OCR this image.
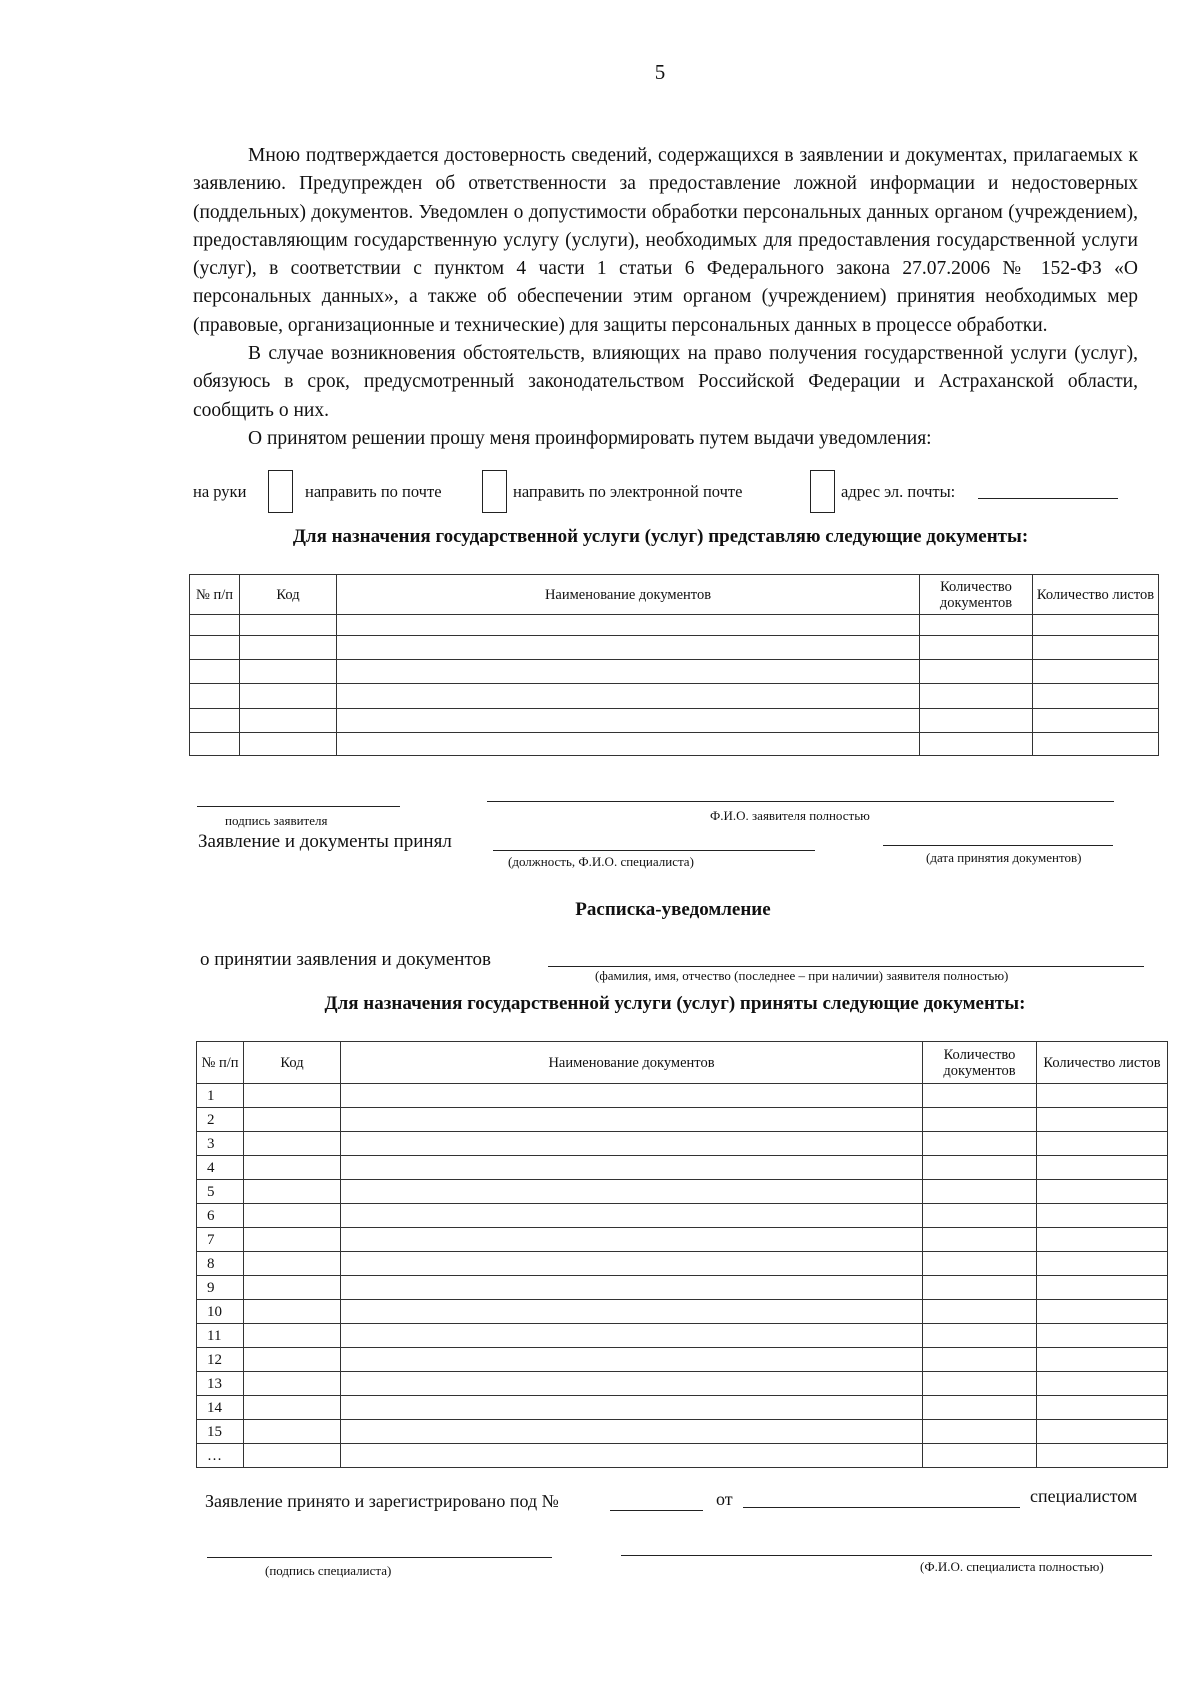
5

Мною подтверждается достоверность сведений, содержащихся в заявлении и документах, прилагаемых к заявлению. Предупрежден об ответственности за предоставление ложной информации и недостоверных (поддельных) документов. Уведомлен о допустимости обработки персональных данных органом (учреждением), предоставляющим государственную услугу (услуги), необходимых для предоставления государственной услуги (услуг), в соответствии с пунктом 4 части 1 статьи 6 Федерального закона 27.07.2006 № 152-ФЗ «О персональных данных», а также об обеспечении этим органом (учреждением) принятия необходимых мер (правовые, организационные и технические) для защиты персональных данных в процессе обработки.

В случае возникновения обстоятельств, влияющих на право получения государственной услуги (услуг), обязуюсь в срок, предусмотренный законодательством Российской Федерации и Астраханской области, сообщить о них.

О принятом решении прошу меня проинформировать путем выдачи уведомления:

на руки	направить по почте	направить по электронной почте	адрес эл. почты:
Для назначения государственной услуги (услуг) представляю следующие документы:
№ п/п	Код	Наименование документов	Количество документов	Количество листов

подпись заявителя	Ф.И.О. заявителя полностью
Заявление и документы принял
(должность, Ф.И.О. специалиста)	(дата принятия документов)
Расписка-уведомление
о принятии заявления и документов
(фамилия, имя, отчество (последнее – при наличии) заявителя полностью)
Для назначения государственной услуги (услуг) приняты следующие документы:
№ п/п	Код	Наименование документов	Количество документов	Количество листов
1				
2				
3				
4				
5				
6				
7				
8				
9				
10				
11				
12				
13				
14				
15				
…				
Заявление принято и зарегистрировано под №	от	специалистом
(подпись специалиста)	(Ф.И.О. специалиста полностью)
